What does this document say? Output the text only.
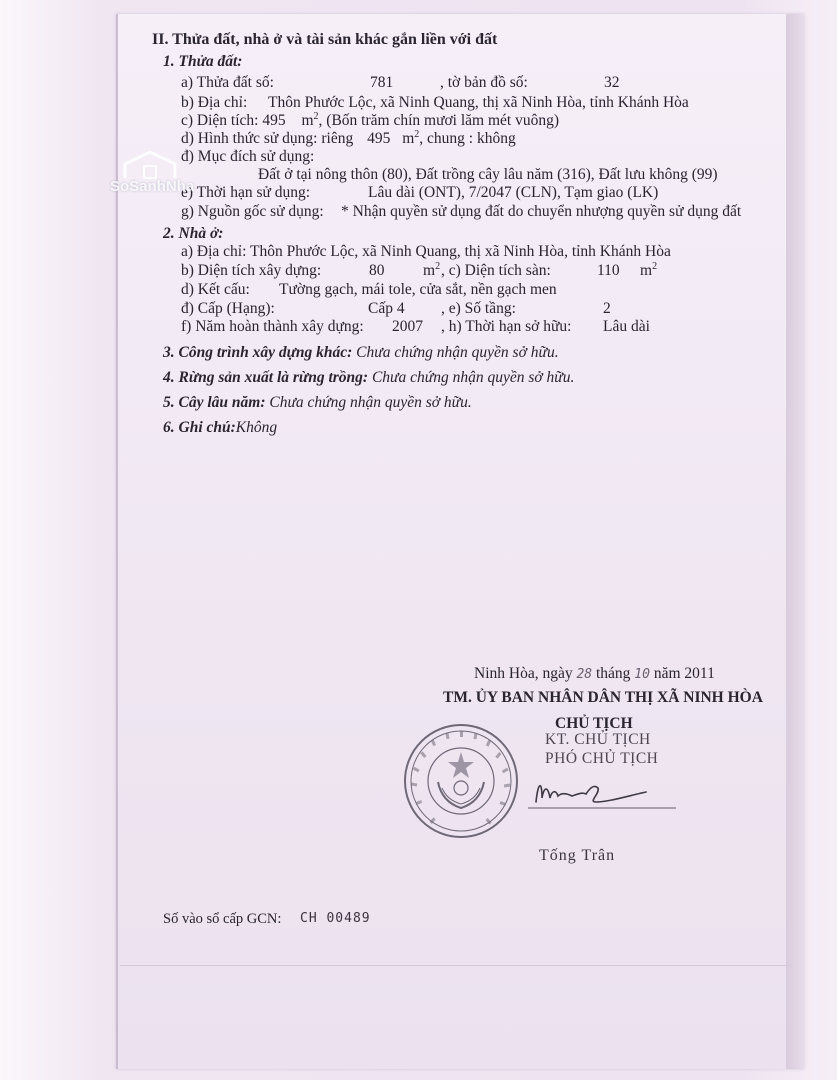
II. Thửa đất, nhà ở và tài sản khác gắn liền với đất
1. Thửa đất:
a) Thửa đất số:	781	, tờ bản đồ số:	32
b) Địa chỉ: Thôn Phước Lộc, xã Ninh Quang, thị xã Ninh Hòa, tỉnh Khánh Hòa
c) Diện tích: 495 $m^2$, (Bốn trăm chín mươi lăm mét vuông)
d) Hình thức sử dụng: riêng 495 $m^2$, chung : không
đ) Mục đích sử dụng:
Đất ở tại nông thôn (80), Đất trồng cây lâu năm (316), Đất lưu không (99)
e) Thời hạn sử dụng:	Lâu dài (ONT), 7/2047 (CLN), Tạm giao (LK)
g) Nguồn gốc sử dụng: * Nhận quyền sử dụng đất do chuyển nhượng quyền sử dụng đất
2. Nhà ở:
a) Địa chỉ: Thôn Phước Lộc, xã Ninh Quang, thị xã Ninh Hòa, tỉnh Khánh Hòa
b) Diện tích xây dựng:	80 $m^2$ , c) Diện tích sàn:	110 $m^2$
d) Kết cấu: Tường gạch, mái tole, cửa sắt, nền gạch men
đ) Cấp (Hạng):	Cấp 4 , e) Số tầng:	2
f) Năm hoàn thành xây dựng: 2007 , h) Thời hạn sở hữu: Lâu dài
3. Công trình xây dựng khác: Chưa chứng nhận quyền sở hữu.
4. Rừng sản xuất là rừng trồng: Chưa chứng nhận quyền sở hữu.
5. Cây lâu năm: Chưa chứng nhận quyền sở hữu.
6. Ghi chú:Không
Ninh Hòa, ngày 28 tháng 10 năm 2011
TM. ỦY BAN NHÂN DÂN THỊ XÃ NINH HÒA
CHỦ TỊCH
KT. CHỦ TỊCH
PHÓ CHỦ TỊCH
Tống Trân
Số vào sổ cấp GCN: CH 00489
SoSanhNha
